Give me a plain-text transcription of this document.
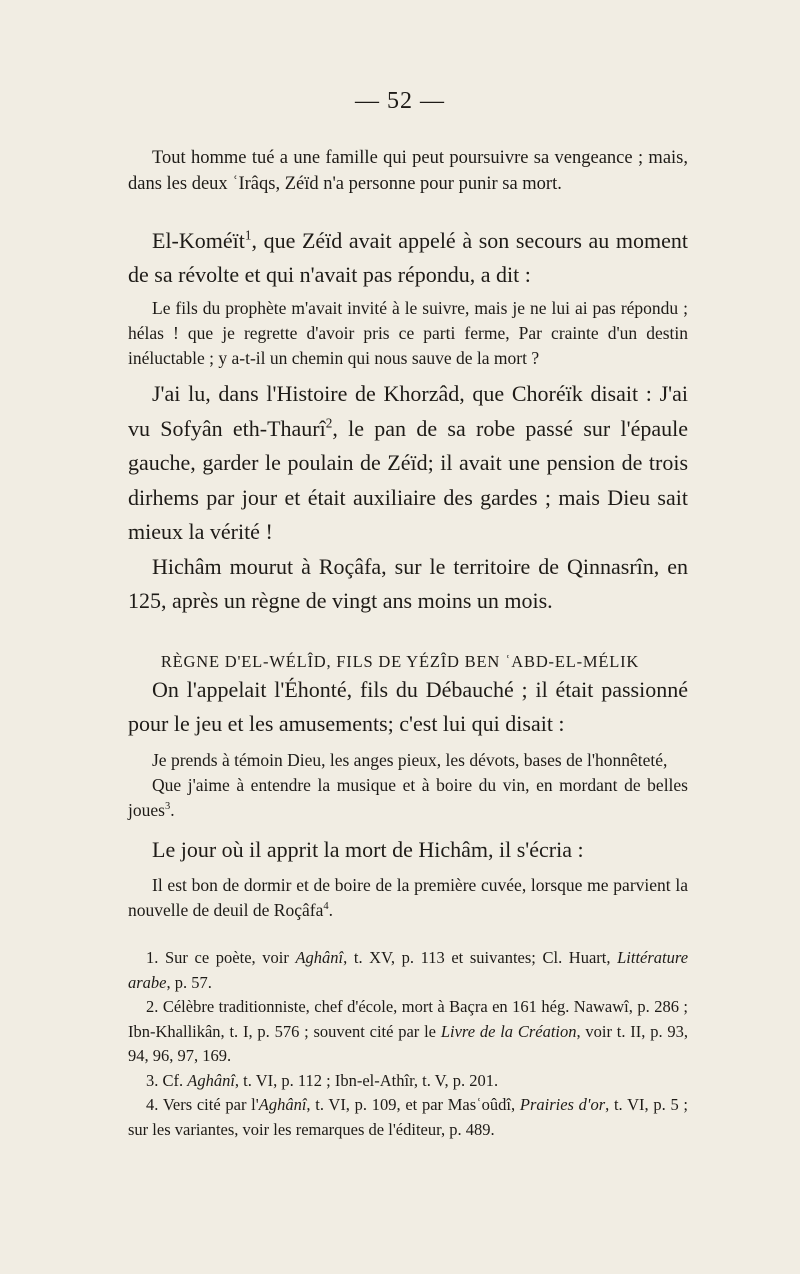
— 52 —

Tout homme tué a une famille qui peut poursuivre sa vengeance ; mais, dans les deux ʿIrâqs, Zéïd n'a personne pour punir sa mort.

El-Koméït$^1$, que Zéïd avait appelé à son secours au moment de sa révolte et qui n'avait pas répondu, a dit :

Le fils du prophète m'avait invité à le suivre, mais je ne lui ai pas répondu ; hélas ! que je regrette d'avoir pris ce parti ferme, Par crainte d'un destin inéluctable ; y a-t-il un chemin qui nous sauve de la mort ?

J'ai lu, dans l'Histoire de Khorzâd, que Choréïk disait : J'ai vu Sofyân eth-Thaurî$^2$, le pan de sa robe passé sur l'épaule gauche, garder le poulain de Zéïd; il avait une pension de trois dirhems par jour et était auxiliaire des gardes ; mais Dieu sait mieux la vérité !

Hichâm mourut à Roçâfa, sur le territoire de Qinnasrîn, en 125, après un règne de vingt ans moins un mois.

RÈGNE D'EL-WÉLÎD, FILS DE YÉZÎD BEN ʿABD-EL-MÉLIK

On l'appelait l'Éhonté, fils du Débauché ; il était passionné pour le jeu et les amusements; c'est lui qui disait :

Je prends à témoin Dieu, les anges pieux, les dévots, bases de l'honnêteté,

Que j'aime à entendre la musique et à boire du vin, en mordant de belles joues$^3$.

Le jour où il apprit la mort de Hichâm, il s'écria :

Il est bon de dormir et de boire de la première cuvée, lorsque me parvient la nouvelle de deuil de Roçâfa$^4$.

1. Sur ce poète, voir Aghânî, t. XV, p. 113 et suivantes; Cl. Huart, Littérature arabe, p. 57.

2. Célèbre traditionniste, chef d'école, mort à Baçra en 161 hég. Nawawî, p. 286 ; Ibn-Khallikân, t. I, p. 576 ; souvent cité par le Livre de la Création, voir t. II, p. 93, 94, 96, 97, 169.

3. Cf. Aghânî, t. VI, p. 112 ; Ibn-el-Athîr, t. V, p. 201.

4. Vers cité par l'Aghânî, t. VI, p. 109, et par Masʿoûdî, Prairies d'or, t. VI, p. 5 ; sur les variantes, voir les remarques de l'éditeur, p. 489.
